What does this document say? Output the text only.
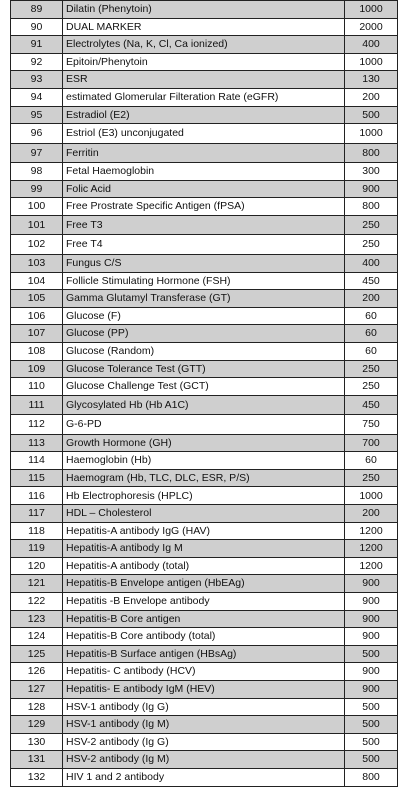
89	Dilatin (Phenytoin)	1000
90	DUAL MARKER	2000
91	Electrolytes (Na, K, Cl, Ca ionized)	400
92	Epitoin/Phenytoin	1000
93	ESR	130
94	estimated Glomerular Filteration Rate (eGFR)	200
95	Estradiol (E2)	500
96	Estriol (E3) unconjugated	1000
97	Ferritin	800
98	Fetal Haemoglobin	300
99	Folic Acid	900
100	Free Prostrate Specific Antigen (fPSA)	800
101	Free T3	250
102	Free T4	250
103	Fungus C/S	400
104	Follicle Stimulating Hormone (FSH)	450
105	Gamma Glutamyl Transferase (GT)	200
106	Glucose (F)	60
107	Glucose (PP)	60
108	Glucose (Random)	60
109	Glucose Tolerance Test (GTT)	250
110	Glucose Challenge Test (GCT)	250
111	Glycosylated Hb (Hb A1C)	450
112	G-6-PD	750
113	Growth Hormone (GH)	700
114	Haemoglobin (Hb)	60
115	Haemogram (Hb, TLC, DLC, ESR, P/S)	250
116	Hb Electrophoresis (HPLC)	1000
117	HDL – Cholesterol	200
118	Hepatitis-A antibody IgG (HAV)	1200
119	Hepatitis-A antibody Ig M	1200
120	Hepatitis-A antibody (total)	1200
121	Hepatitis-B Envelope antigen (HbEAg)	900
122	Hepatitis -B Envelope antibody	900
123	Hepatitis-B Core antigen	900
124	Hepatitis-B Core antibody (total)	900
125	Hepatitis-B Surface antigen (HBsAg)	500
126	Hepatitis- C antibody (HCV)	900
127	Hepatitis- E antibody IgM (HEV)	900
128	HSV-1 antibody (Ig G)	500
129	HSV-1 antibody (Ig M)	500
130	HSV-2 antibody (Ig G)	500
131	HSV-2 antibody (Ig M)	500
132	HIV 1 and 2 antibody	800
